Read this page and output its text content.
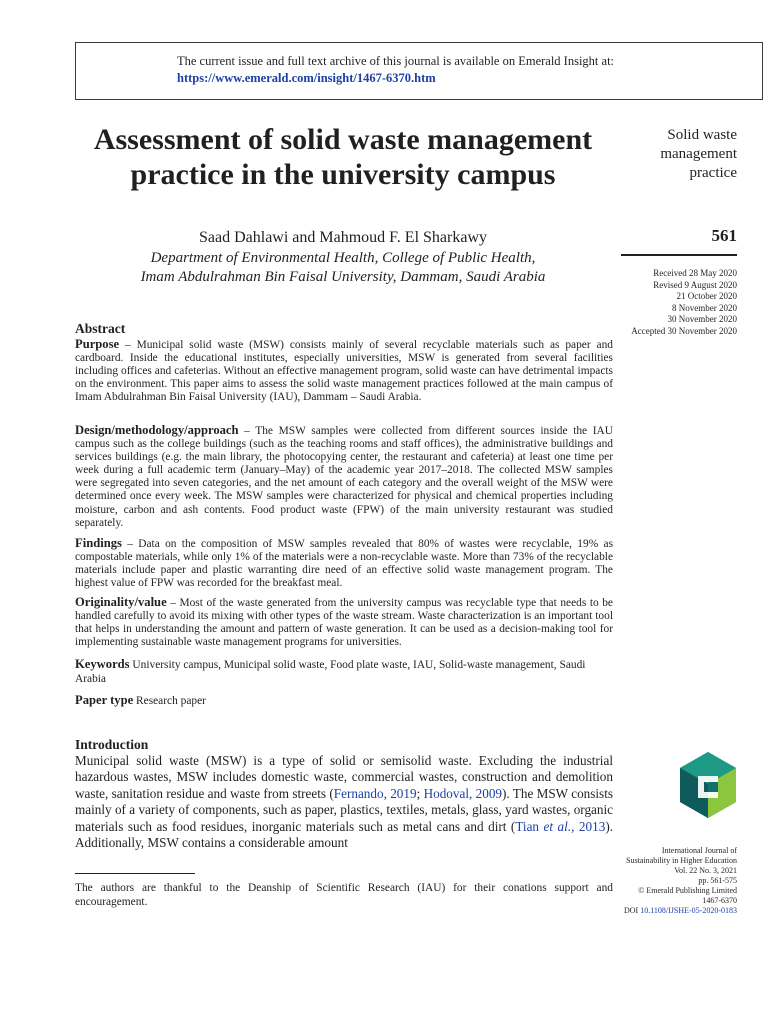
The current issue and full text archive of this journal is available on Emerald Insight at:
https://www.emerald.com/insight/1467-6370.htm
Assessment of solid waste management practice in the university campus
Saad Dahlawi and Mahmoud F. El Sharkawy
Department of Environmental Health, College of Public Health,
Imam Abdulrahman Bin Faisal University, Dammam, Saudi Arabia
Solid waste management practice
561
Received 28 May 2020
Revised 9 August 2020
21 October 2020
8 November 2020
30 November 2020
Accepted 30 November 2020
Abstract
Purpose – Municipal solid waste (MSW) consists mainly of several recyclable materials such as paper and cardboard. Inside the educational institutes, especially universities, MSW is generated from several facilities including offices and cafeterias. Without an effective management program, solid waste can have detrimental impacts on the environment. This paper aims to assess the solid waste management practices followed at the main campus of Imam Abdulrahman Bin Faisal University (IAU), Dammam – Saudi Arabia.
Design/methodology/approach – The MSW samples were collected from different sources inside the IAU campus such as the college buildings (such as the teaching rooms and staff offices), the administrative buildings and services buildings (e.g. the main library, the photocopying center, the restaurant and cafeteria) at least one time per week during a full academic term (January–May) of the academic year 2017–2018. The collected MSW samples were segregated into seven categories, and the net amount of each category and the overall weight of the MSW were determined once every week. The MSW samples were characterized for physical and chemical properties including moisture, carbon and ash contents. Food product waste (FPW) of the main university restaurant was studied separately.
Findings – Data on the composition of MSW samples revealed that 80% of wastes were recyclable, 19% as compostable materials, while only 1% of the materials were a non-recyclable waste. More than 73% of the recyclable materials include paper and plastic warranting dire need of an effective solid waste management program. The highest value of FPW was recorded for the breakfast meal.
Originality/value – Most of the waste generated from the university campus was recyclable type that needs to be handled carefully to avoid its mixing with other types of the waste stream. Waste characterization is an important tool that helps in understanding the amount and pattern of waste generation. It can be used as a decision-making tool for implementing sustainable waste management programs for universities.
Keywords University campus, Municipal solid waste, Food plate waste, IAU, Solid-waste management, Saudi Arabia
Paper type Research paper
Introduction
Municipal solid waste (MSW) is a type of solid or semisolid waste. Excluding the industrial hazardous wastes, MSW includes domestic waste, commercial wastes, construction and demolition waste, sanitation residue and waste from streets (Fernando, 2019; Hodoval, 2009). The MSW consists mainly of a variety of components, such as paper, plastics, textiles, metals, glass, yard wastes, organic materials such as food residues, inorganic materials such as metal cans and dirt (Tian et al., 2013). Additionally, MSW contains a considerable amount
The authors are thankful to the Deanship of Scientific Research (IAU) for their conations support and encouragement.
International Journal of
Sustainability in Higher Education
Vol. 22 No. 3, 2021
pp. 561-575
© Emerald Publishing Limited
1467-6370
DOI 10.1108/IJSHE-05-2020-0183
